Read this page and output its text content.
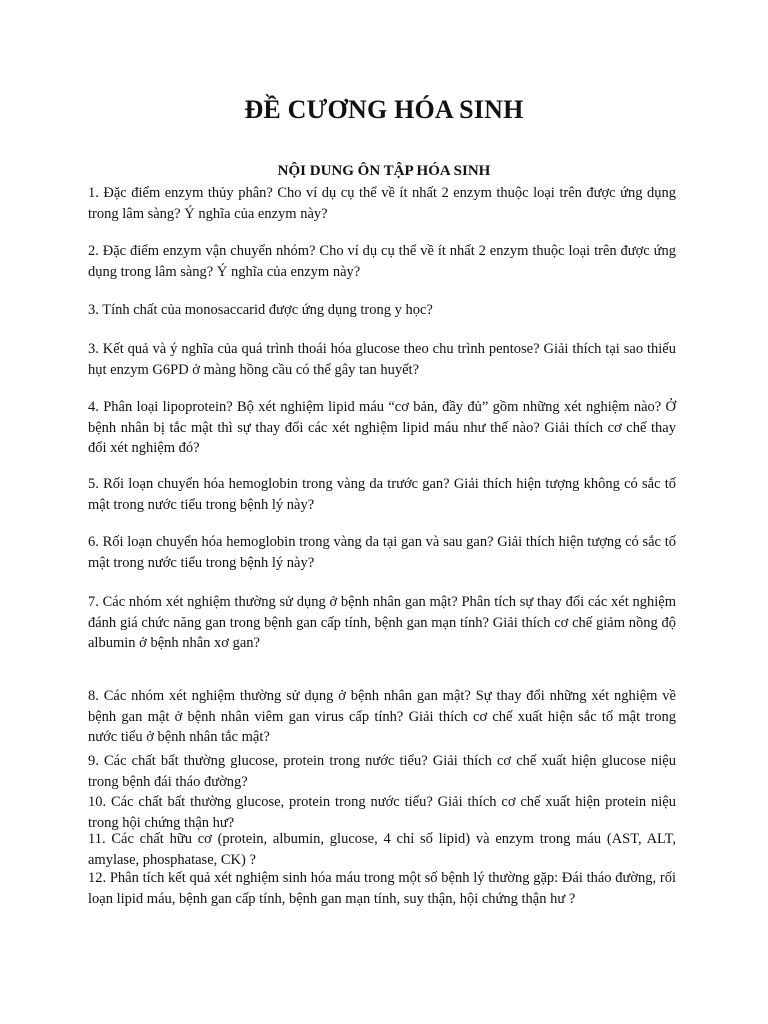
ĐỀ CƯƠNG HÓA SINH
NỘI DUNG ÔN TẬP HÓA SINH
1. Đặc điểm enzym thủy phân? Cho ví dụ cụ thể về ít nhất 2 enzym thuộc loại trên được ứng dụng trong lâm sàng? Ý nghĩa của enzym này?
2. Đặc điểm enzym vận chuyển nhóm? Cho ví dụ cụ thể về ít nhất 2 enzym thuộc loại trên được ứng dụng trong lâm sàng? Ý nghĩa của enzym này?
3. Tính chất của monosaccarid được ứng dụng trong y học?
3. Kết quả và ý nghĩa của quá trình thoái hóa glucose theo chu trình pentose? Giải thích tại sao thiếu hụt enzym G6PD ở màng hồng cầu có thể gây tan huyết?
4. Phân loại lipoprotein? Bộ xét nghiệm lipid máu “cơ bản, đầy đủ” gồm những xét nghiệm nào? Ở bệnh nhân bị tắc mật thì sự thay đổi các xét nghiệm lipid máu như thế nào? Giải thích cơ chế thay đổi xét nghiệm đó?
5. Rối loạn chuyển hóa hemoglobin trong vàng da trước gan? Giải thích hiện tượng không có sắc tố mật trong nước tiểu trong bệnh lý này?
6. Rối loạn chuyển hóa hemoglobin trong vàng da tại gan và sau gan? Giải thích hiện tượng có sắc tố mật trong nước tiểu trong bệnh lý này?
7. Các nhóm xét nghiệm thường sử dụng ở bệnh nhân gan mật? Phân tích sự thay đổi các xét nghiệm đánh giá chức năng gan trong bệnh gan cấp tính, bệnh gan mạn tính? Giải thích cơ chế giảm nồng độ albumin ở bệnh nhân xơ gan?
8. Các nhóm xét nghiệm thường sử dụng ở bệnh nhân gan mật? Sự thay đổi những xét nghiệm về bệnh gan mật ở bệnh nhân viêm gan virus cấp tính? Giải thích cơ chế xuất hiện sắc tố mật trong nước tiểu ở bệnh nhân tắc mật?
9. Các chất bất thường glucose, protein trong nước tiểu? Giải thích cơ chế xuất hiện glucose niệu trong bệnh đái tháo đường?
10. Các chất bất thường glucose, protein trong nước tiểu? Giải thích cơ chế xuất hiện protein niệu trong hội chứng thận hư?
11. Các chất hữu cơ (protein, albumin, glucose, 4 chỉ số lipid) và enzym trong máu (AST, ALT, amylase, phosphatase, CK) ?
12. Phân tích kết quả xét nghiệm sinh hóa máu trong một số bệnh lý thường gặp: Đái tháo đường, rối loạn lipid máu, bệnh gan cấp tính, bệnh gan mạn tính, suy thận, hội chứng thận hư ?
